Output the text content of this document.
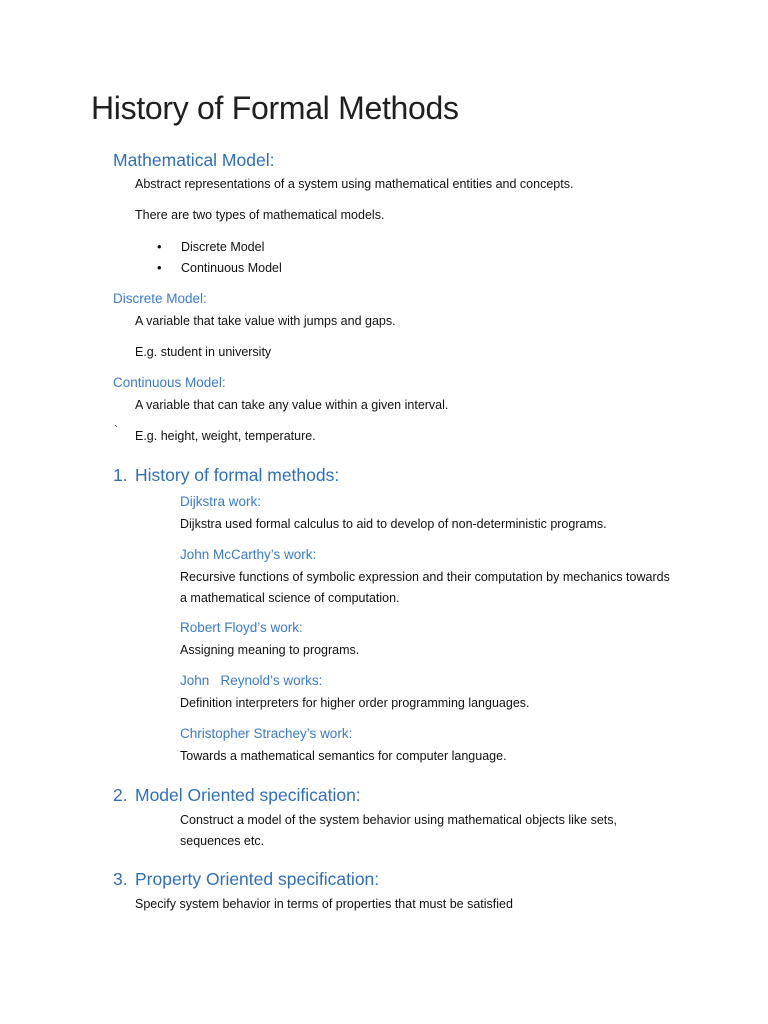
History of Formal Methods
Mathematical Model:
Abstract representations of a system using mathematical entities and concepts.
There are two types of mathematical models.
• Discrete Model
• Continuous Model
Discrete Model:
A variable that take value with jumps and gaps.
E.g. student in university
Continuous Model:
A variable that can take any value within a given interval.
` E.g. height, weight, temperature.
1. History of formal methods:
Dijkstra work:
Dijkstra used formal calculus to aid to develop of non-deterministic programs.
John McCarthy’s work:
Recursive functions of symbolic expression and their computation by mechanics towards a mathematical science of computation.
Robert Floyd’s work:
Assigning meaning to programs.
John   Reynold’s works:
Definition interpreters for higher order programming languages.
Christopher Strachey’s work:
Towards a mathematical semantics for computer language.
2. Model Oriented specification:
Construct a model of the system behavior using mathematical objects like sets, sequences etc.
3. Property Oriented specification:
Specify system behavior in terms of properties that must be satisfied
